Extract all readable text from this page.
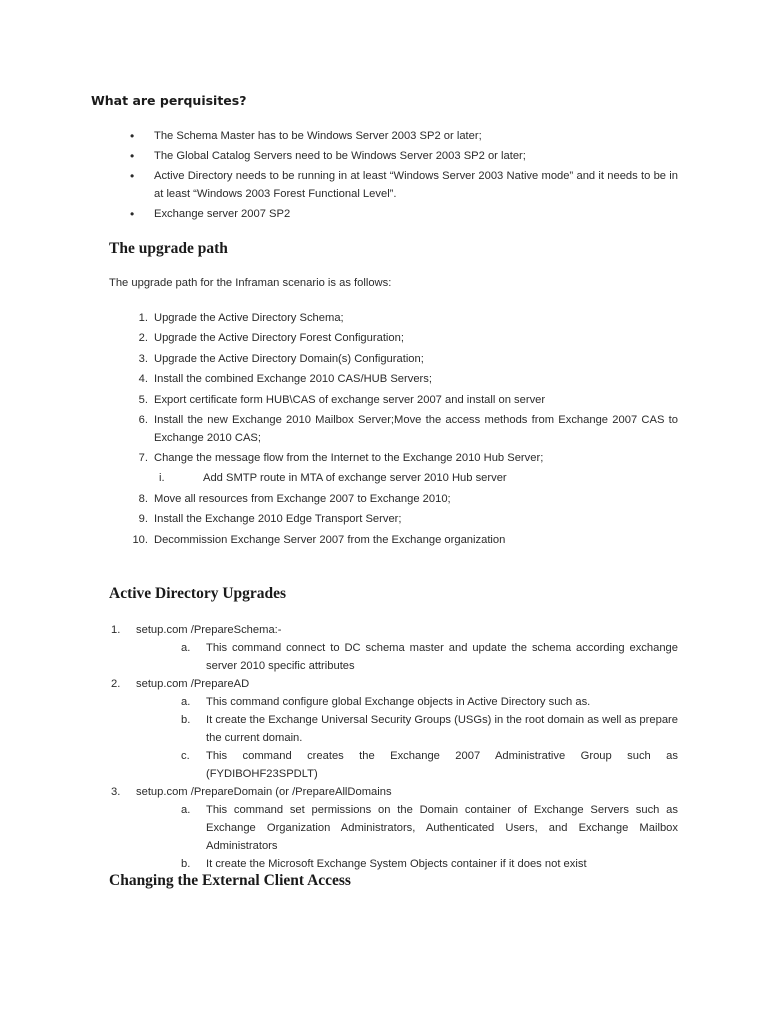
What are perquisites?
• The Schema Master has to be Windows Server 2003 SP2 or later;
• The Global Catalog Servers need to be Windows Server 2003 SP2 or later;
• Active Directory needs to be running in at least “Windows Server 2003 Native mode” and it needs to be in at least “Windows 2003 Forest Functional Level”.
• Exchange server 2007 SP2
The upgrade path

The upgrade path for the Inframan scenario is as follows:

1. Upgrade the Active Directory Schema;
2. Upgrade the Active Directory Forest Configuration;
3. Upgrade the Active Directory Domain(s) Configuration;
4. Install the combined Exchange 2010 CAS/HUB Servers;
5. Export certificate form HUB\CAS of exchange server 2007 and install on server
6. Install the new Exchange 2010 Mailbox Server;Move the access methods from Exchange 2007 CAS to Exchange 2010 CAS;
7. Change the message flow from the Internet to the Exchange 2010 Hub Server;
i.	Add SMTP route in MTA of exchange server 2010 Hub server
8. Move all resources from Exchange 2007 to Exchange 2010;
9. Install the Exchange 2010 Edge Transport Server;
10. Decommission Exchange Server 2007 from the Exchange organization
Active Directory Upgrades
1. setup.com /PrepareSchema:-
a. This command connect to DC schema master and update the schema according exchange server 2010 specific attributes
2. setup.com /PrepareAD
a. This command configure global Exchange objects in Active Directory such as.
b. It create the Exchange Universal Security Groups (USGs) in the root domain as well as prepare the current domain.
c. This command creates the Exchange 2007 Administrative Group such as (FYDIBOHF23SPDLT)
3. setup.com /PrepareDomain (or /PrepareAllDomains
a. This command set permissions on the Domain container of Exchange Servers such as Exchange Organization Administrators, Authenticated Users, and Exchange Mailbox Administrators
b. It create the Microsoft Exchange System Objects container if it does not exist
Changing the External Client Access
